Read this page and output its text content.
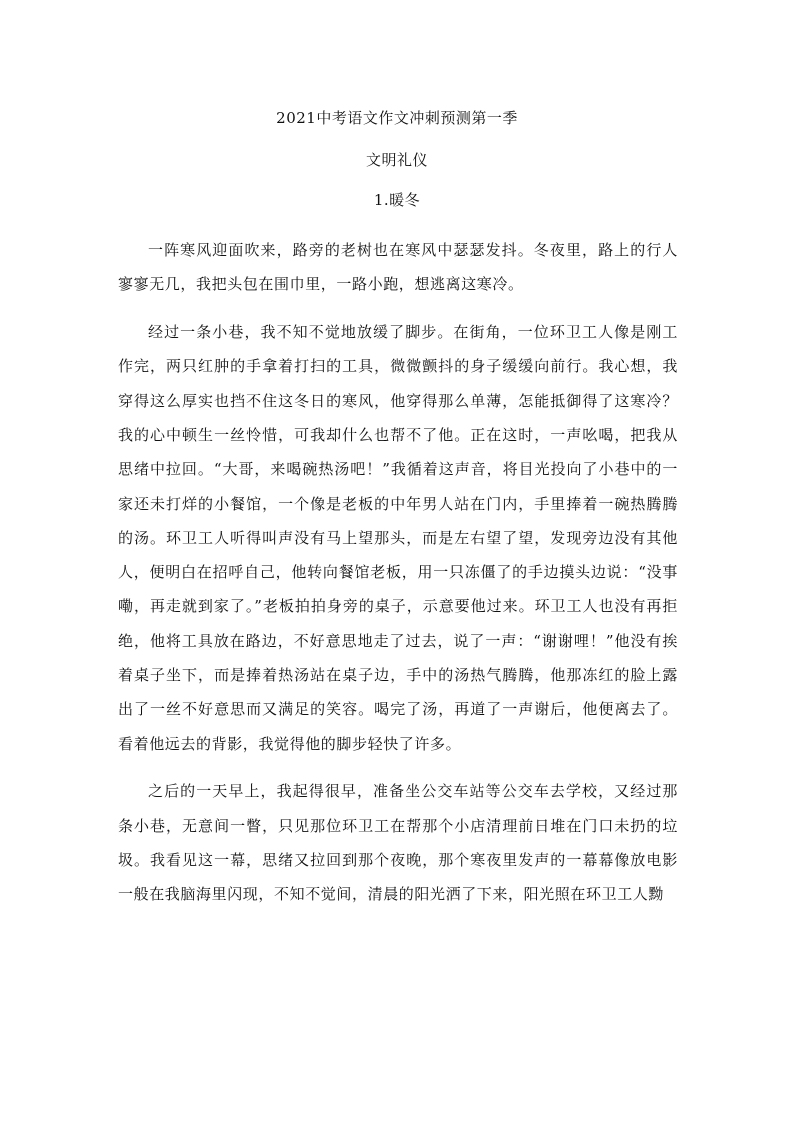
2021中考语文作文冲刺预测第一季
文明礼仪
1.暖冬

一阵寒风迎面吹来，路旁的老树也在寒风中瑟瑟发抖。冬夜里，路上的行人寥寥无几，我把头包在围巾里，一路小跑，想逃离这寒冷。

经过一条小巷，我不知不觉地放缓了脚步。在街角，一位环卫工人像是刚工作完，两只红肿的手拿着打扫的工具，微微颤抖的身子缓缓向前行。我心想，我穿得这么厚实也挡不住这冬日的寒风，他穿得那么单薄，怎能抵御得了这寒冷？我的心中顿生一丝怜惜，可我却什么也帮不了他。正在这时，一声吆喝，把我从思绪中拉回。“大哥，来喝碗热汤吧！”我循着这声音，将目光投向了小巷中的一家还未打烊的小餐馆，一个像是老板的中年男人站在门内，手里捧着一碗热腾腾的汤。环卫工人听得叫声没有马上望那头，而是左右望了望，发现旁边没有其他人，便明白在招呼自己，他转向餐馆老板，用一只冻僵了的手边摸头边说：“没事嘞，再走就到家了。”老板拍拍身旁的桌子，示意要他过来。环卫工人也没有再拒绝，他将工具放在路边，不好意思地走了过去，说了一声：“谢谢哩！”他没有挨着桌子坐下，而是捧着热汤站在桌子边，手中的汤热气腾腾，他那冻红的脸上露出了一丝不好意思而又满足的笑容。喝完了汤，再道了一声谢后，他便离去了。看着他远去的背影，我觉得他的脚步轻快了许多。

之后的一天早上，我起得很早，准备坐公交车站等公交车去学校，又经过那条小巷，无意间一瞥，只见那位环卫工在帮那个小店清理前日堆在门口未扔的垃圾。我看见这一幕，思绪又拉回到那个夜晚，那个寒夜里发声的一幕幕像放电影一般在我脑海里闪现，不知不觉间，清晨的阳光洒了下来，阳光照在环卫工人黝
